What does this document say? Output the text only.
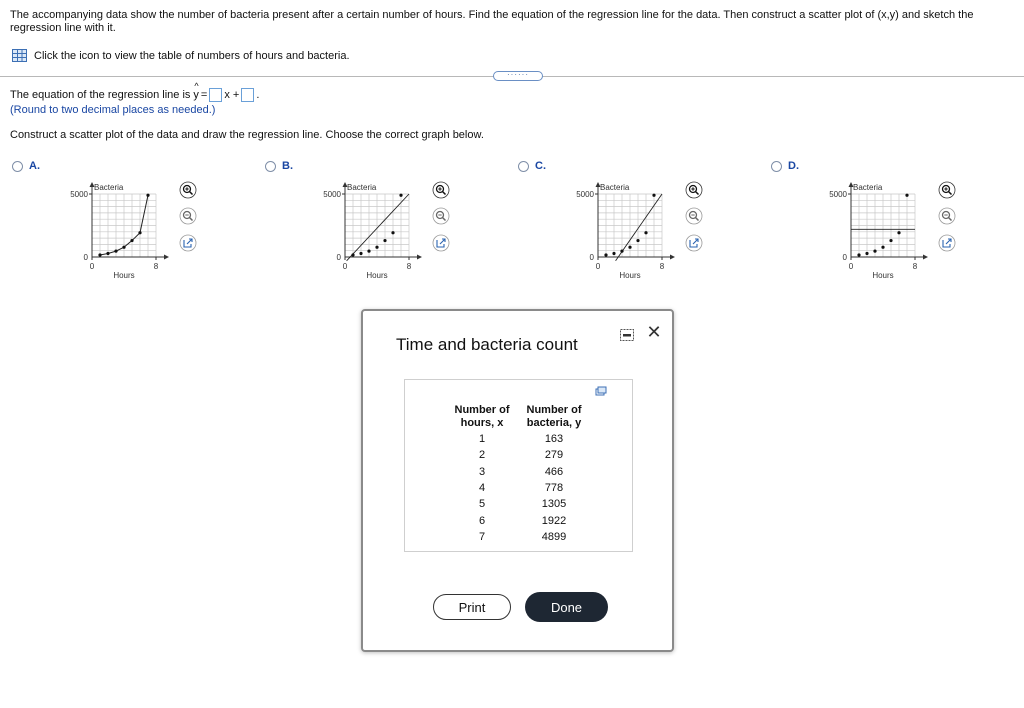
The accompanying data show the number of bacteria present after a certain number of hours. Find the equation of the regression line for the data. Then construct a scatter plot of (x,y) and sketch the regression line with it.
Click the icon to view the table of numbers of hours and bacteria.
······
The equation of the regression line is ^ y = x + .
(Round to two decimal places as needed.)
Construct a scatter plot of the data and draw the regression line. Choose the correct graph below.
A.
5000
0
0	8
Bacteria
Hours
B.
5000
0
0	8
Bacteria
Hours
C.
5000
0
0	8
Bacteria
Hours
D.
5000
0
0	8
Bacteria
Hours
Time and bacteria count
✕
Number of
hours, x
Number of
bacteria, y
1	163
2	279
3	466
4	778
5	1305
6	1922
7	4899
Print	Done
